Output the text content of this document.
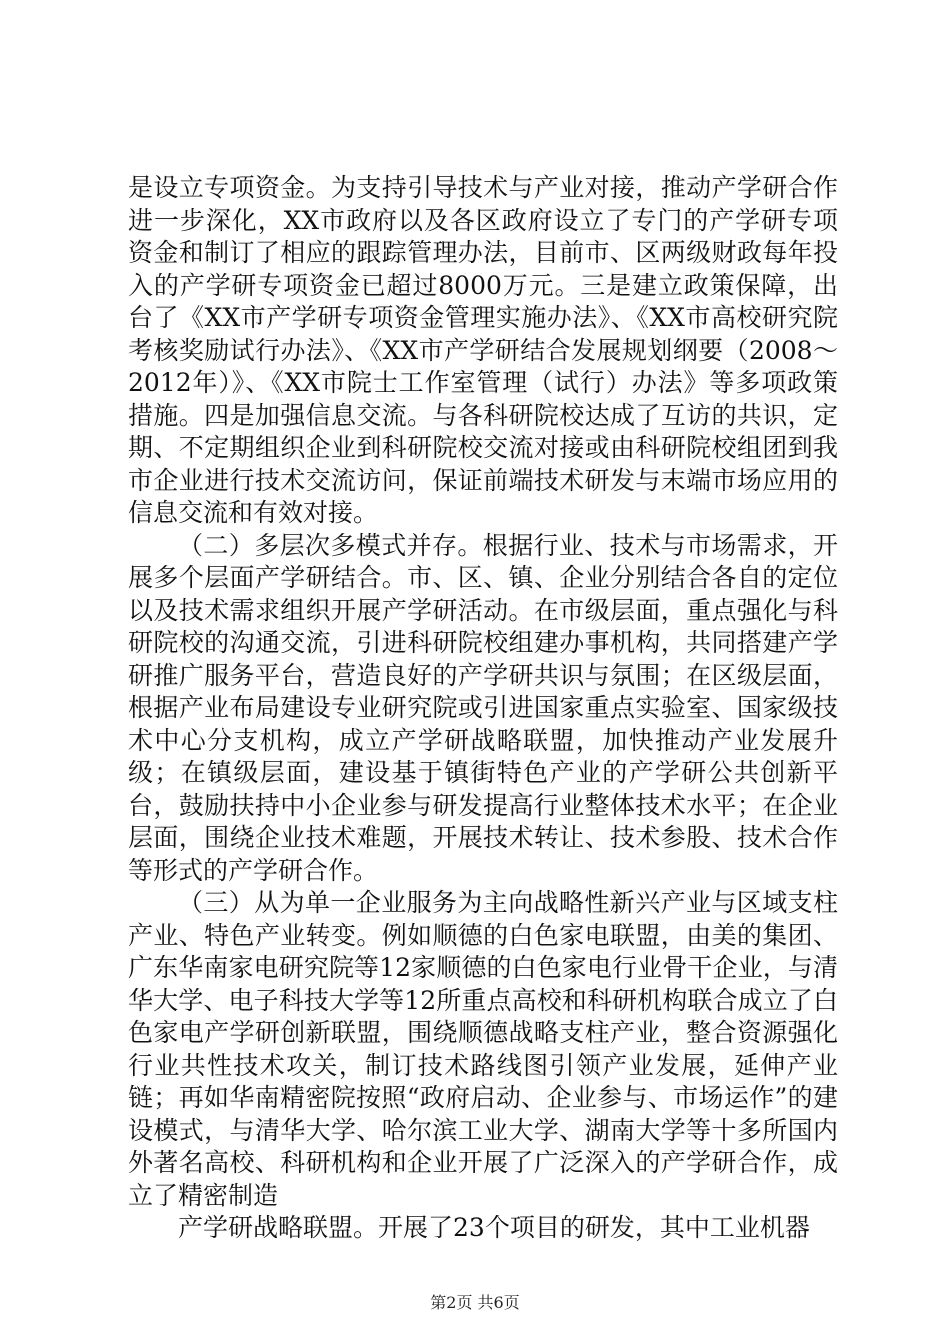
是设立专项资金。为支持引导技术与产业对接，推动产学研合作进一步深化，XX市政府以及各区政府设立了专门的产学研专项资金和制订了相应的跟踪管理办法，目前市、区两级财政每年投入的产学研专项资金已超过8000万元。三是建立政策保障，出台了《XX市产学研专项资金管理实施办法》、《XX市高校研究院考核奖励试行办法》、《XX市产学研结合发展规划纲要（2008～2012年）》、《XX市院士工作室管理（试行）办法》等多项政策措施。四是加强信息交流。与各科研院校达成了互访的共识，定期、不定期组织企业到科研院校交流对接或由科研院校组团到我市企业进行技术交流访问，保证前端技术研发与末端市场应用的信息交流和有效对接。

（二）多层次多模式并存。根据行业、技术与市场需求，开展多个层面产学研结合。市、区、镇、企业分别结合各自的定位以及技术需求组织开展产学研活动。在市级层面，重点强化与科研院校的沟通交流，引进科研院校组建办事机构，共同搭建产学研推广服务平台，营造良好的产学研共识与氛围；在区级层面，根据产业布局建设专业研究院或引进国家重点实验室、国家级技术中心分支机构，成立产学研战略联盟，加快推动产业发展升级；在镇级层面，建设基于镇街特色产业的产学研公共创新平台，鼓励扶持中小企业参与研发提高行业整体技术水平；在企业层面，围绕企业技术难题，开展技术转让、技术参股、技术合作等形式的产学研合作。

（三）从为单一企业服务为主向战略性新兴产业与区域支柱产业、特色产业转变。例如顺德的白色家电联盟，由美的集团、广东华南家电研究院等12家顺德的白色家电行业骨干企业，与清华大学、电子科技大学等12所重点高校和科研机构联合成立了白色家电产学研创新联盟，围绕顺德战略支柱产业，整合资源强化行业共性技术攻关，制订技术路线图引领产业发展，延伸产业链；再如华南精密院按照“政府启动、企业参与、市场运作”的建设模式，与清华大学、哈尔滨工业大学、湖南大学等十多所国内外著名高校、科研机构和企业开展了广泛深入的产学研合作，成立了精密制造

产学研战略联盟。开展了23个项目的研发，其中工业机器

第2页 共6页
